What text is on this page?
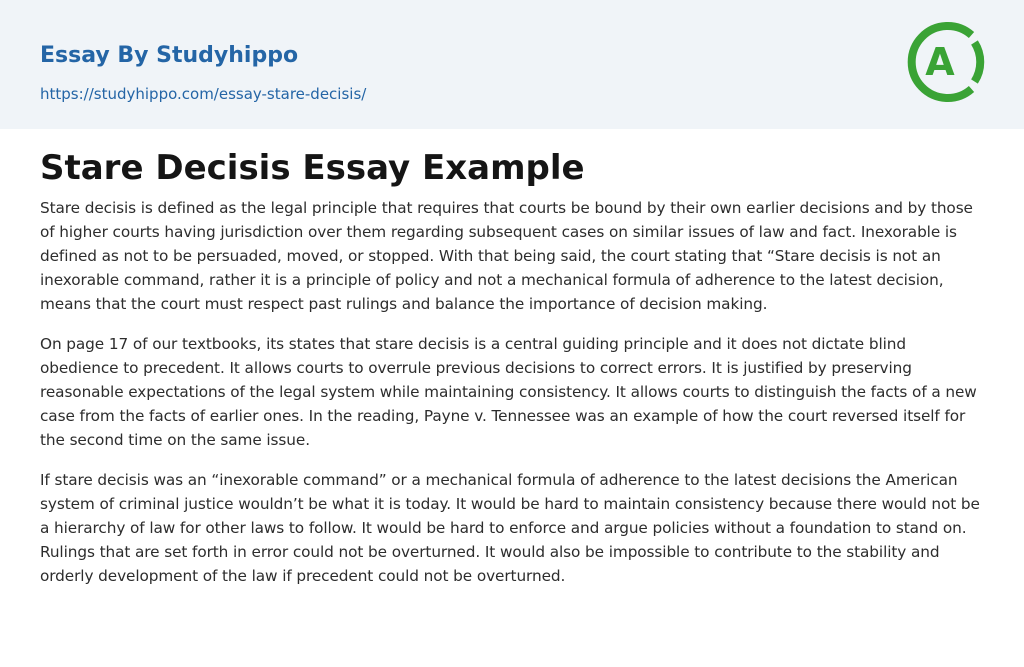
Essay By Studyhippo
https://studyhippo.com/essay-stare-decisis/
A
Stare Decisis Essay Example

Stare decisis is defined as the legal principle that requires that courts be bound by their own earlier decisions and by those of higher courts having jurisdiction over them regarding subsequent cases on similar issues of law and fact. Inexorable is defined as not to be persuaded, moved, or stopped. With that being said, the court stating that “Stare decisis is not an inexorable command, rather it is a principle of policy and not a mechanical formula of adherence to the latest decision, means that the court must respect past rulings and balance the importance of decision making.

On page 17 of our textbooks, its states that stare decisis is a central guiding principle and it does not dictate blind obedience to precedent. It allows courts to overrule previous decisions to correct errors. It is justified by preserving reasonable expectations of the legal system while maintaining consistency. It allows courts to distinguish the facts of a new case from the facts of earlier ones. In the reading, Payne v. Tennessee was an example of how the court reversed itself for the second time on the same issue.

If stare decisis was an “inexorable command” or a mechanical formula of adherence to the latest decisions the American system of criminal justice wouldn’t be what it is today. It would be hard to maintain consistency because there would not be a hierarchy of law for other laws to follow. It would be hard to enforce and argue policies without a foundation to stand on. Rulings that are set forth in error could not be overturned. It would also be impossible to contribute to the stability and orderly development of the law if precedent could not be overturned.
